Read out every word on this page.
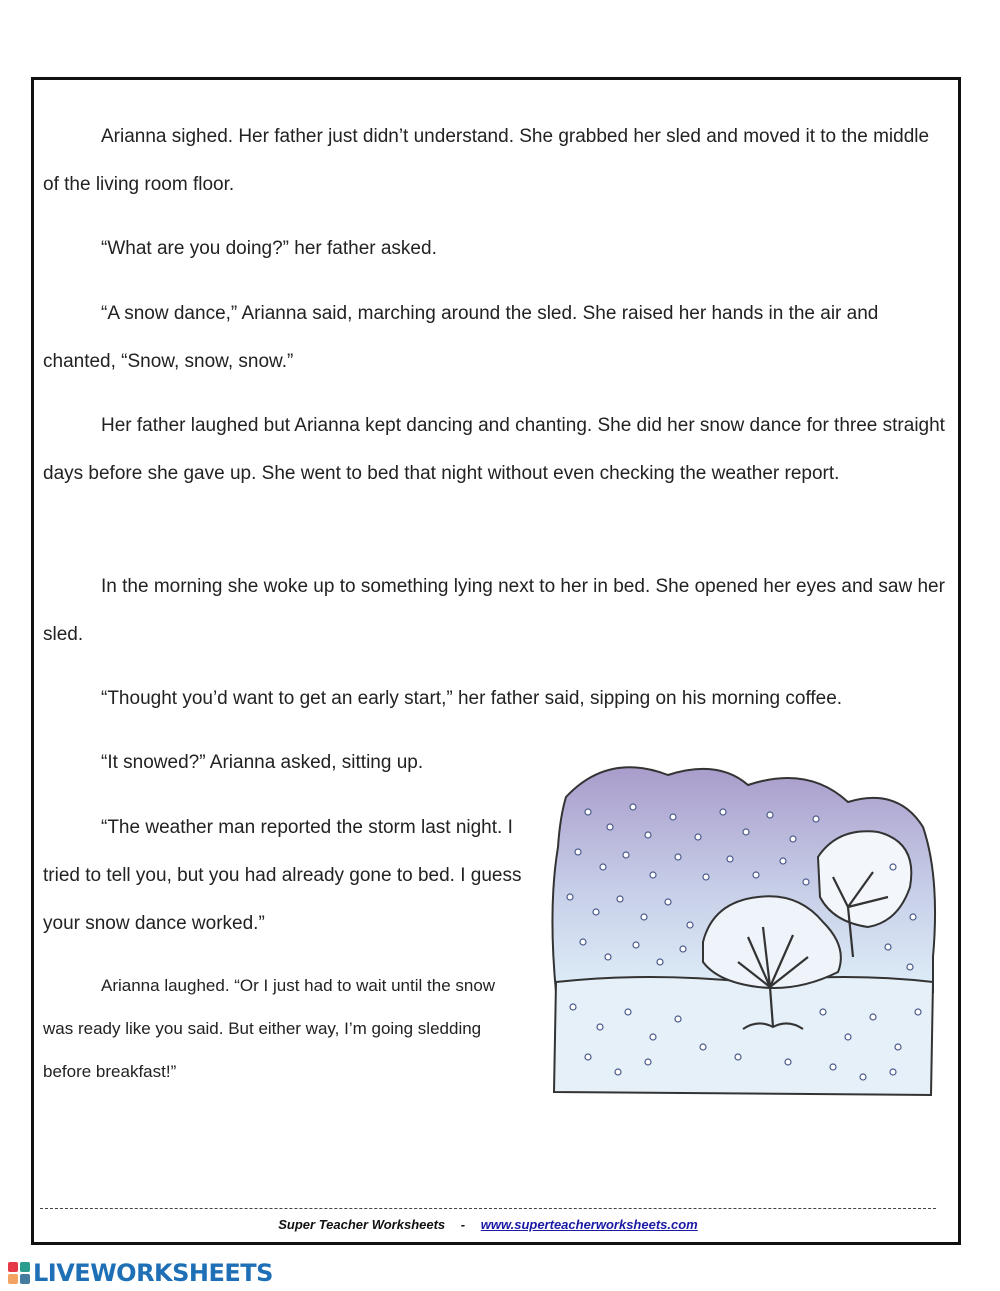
Arianna sighed. Her father just didn’t understand. She grabbed her sled and moved it to the middle of the living room floor.

“What are you doing?” her father asked.

“A snow dance,” Arianna said, marching around the sled. She raised her hands in the air and chanted, “Snow, snow, snow.”

Her father laughed but Arianna kept dancing and chanting. She did her snow dance for three straight days before she gave up. She went to bed that night without even checking the weather report.

In the morning she woke up to something lying next to her in bed. She opened her eyes and saw her sled.

“Thought you’d want to get an early start,” her father said, sipping on his morning coffee.

“It snowed?” Arianna asked, sitting up.

“The weather man reported the storm last night. I tried to tell you, but you had already gone to bed. I guess your snow dance worked.”

Arianna laughed. “Or I just had to wait until the snow was ready like you said. But either way, I’m going sledding before breakfast!”

Super Teacher Worksheets - www.superteacherworksheets.com
LIVEWORKSHEETS
